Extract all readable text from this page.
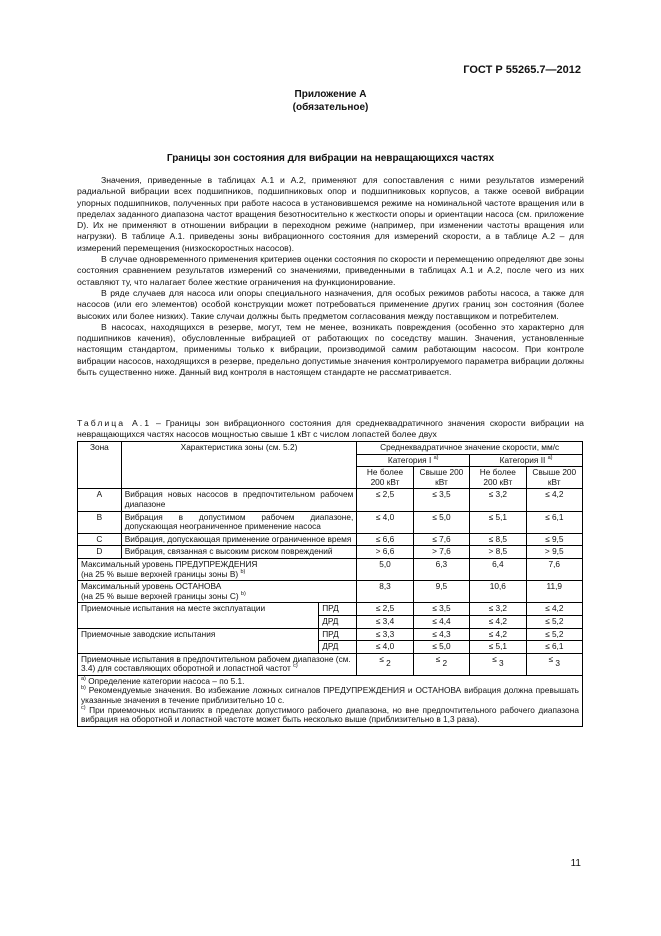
ГОСТ Р 55265.7—2012
Приложение А
(обязательное)
Границы зон состояния для вибрации на невращающихся частях

Значения, приведенные в таблицах А.1 и А.2, применяют для сопоставления с ними результатов измерений радиальной вибрации всех подшипников, подшипниковых опор и подшипниковых корпусов, а также осевой вибрации упорных подшипников, полученных при работе насоса в установившемся режиме на номинальной частоте вращения или в пределах заданного диапазона частот вращения безотносительно к жесткости опоры и ориентации насоса (см. приложение D). Их не применяют в отношении вибрации в переходном режиме (например, при изменении частоты вращения или нагрузки). В таблице А.1. приведены зоны вибрационного состояния для измерений скорости, а в таблице А.2 – для измерений перемещения (низкоскоростных насосов).

В случае одновременного применения критериев оценки состояния по скорости и перемещению определяют две зоны состояния сравнением результатов измерений со значениями, приведенными в таблицах А.1 и А.2, после чего из них оставляют ту, что налагает более жесткие ограничения на функционирование.

В ряде случаев для насоса или опоры специального назначения, для особых режимов работы насоса, а также для насосов (или его элементов) особой конструкции может потребоваться применение других границ зон состояния (более высоких или более низких). Такие случаи должны быть предметом согласования между поставщиком и потребителем.

В насосах, находящихся в резерве, могут, тем не менее, возникать повреждения (особенно это характерно для подшипников качения), обусловленные вибрацией от работающих по соседству машин. Значения, установленные настоящим стандартом, применимы только к вибрации, производимой самим работающим насосом. При контроле вибрации насосов, находящихся в резерве, предельно допустимые значения контролируемого параметра вибрации должны быть существенно ниже. Данный вид контроля в настоящем стандарте не рассматривается.

Таблица А.1 – Границы зон вибрационного состояния для среднеквадратичного значения скорости вибрации на невращающихся частях насосов мощностью свыше 1 кВт с числом лопастей более двух
Зона	Характеристика зоны (см. 5.2)		Среднеквадратичное значение скорости, мм/с			
			Категория I $^{a)}$		Категория II $^{a)}$
			Не более 200 кВт	Свыше 200 кВт	Не более 200 кВт	Свыше 200 кВт
A	Вибрация новых насосов в предпочтительном рабочем диапазоне		≤ 2,5	≤ 3,5	≤ 3,2	≤ 4,2
B	Вибрация в допустимом рабочем диапазоне, допускающая неограниченное применение насоса		≤ 4,0	≤ 5,0	≤ 5,1	≤ 6,1
C	Вибрация, допускающая применение ограниченное время		≤ 6,6	≤ 7,6	≤ 8,5	≤ 9,5
D	Вибрация, связанная с высоким риском повреждений		> 6,6	> 7,6	> 8,5	> 9,5
Максимальный уровень ПРЕДУПРЕЖДЕНИЯ
(на 25 % выше верхней границы зоны B) $^{b)}$			5,0	6,3	6,4	7,6
Максимальный уровень ОСТАНОВА
(на 25 % выше верхней границы зоны C) $^{b)}$			8,3	9,5	10,6	11,9
Приемочные испытания на месте эксплуатации		ПРД	≤ 2,5	≤ 3,5	≤ 3,2	≤ 4,2
		ДРД	≤ 3,4	≤ 4,4	≤ 4,2	≤ 5,2
Приемочные заводские испытания		ПРД	≤ 3,3	≤ 4,3	≤ 4,2	≤ 5,2
		ДРД	≤ 4,0	≤ 5,0	≤ 5,1	≤ 6,1
Приемочные испытания в предпочтительном рабочем диапазоне (см. 3.4) для составляющих оборотной и лопастной частот $^{c)}$			≤ 2	≤ 2	≤ 3	≤ 3

$^{a)}$ Определение категории насоса – по 5.1.
$^{b)}$ Рекомендуемые значения. Во избежание ложных сигналов ПРЕДУПРЕЖДЕНИЯ и ОСТАНОВА вибрация должна превышать указанные значения в течение приблизительно 10 с.
$^{c)}$ При приемочных испытаниях в пределах допустимого рабочего диапазона, но вне предпочтительного рабочего диапазона вибрация на оборотной и лопастной частоте может быть несколько выше (приблизительно в 1,3 раза).						
11
